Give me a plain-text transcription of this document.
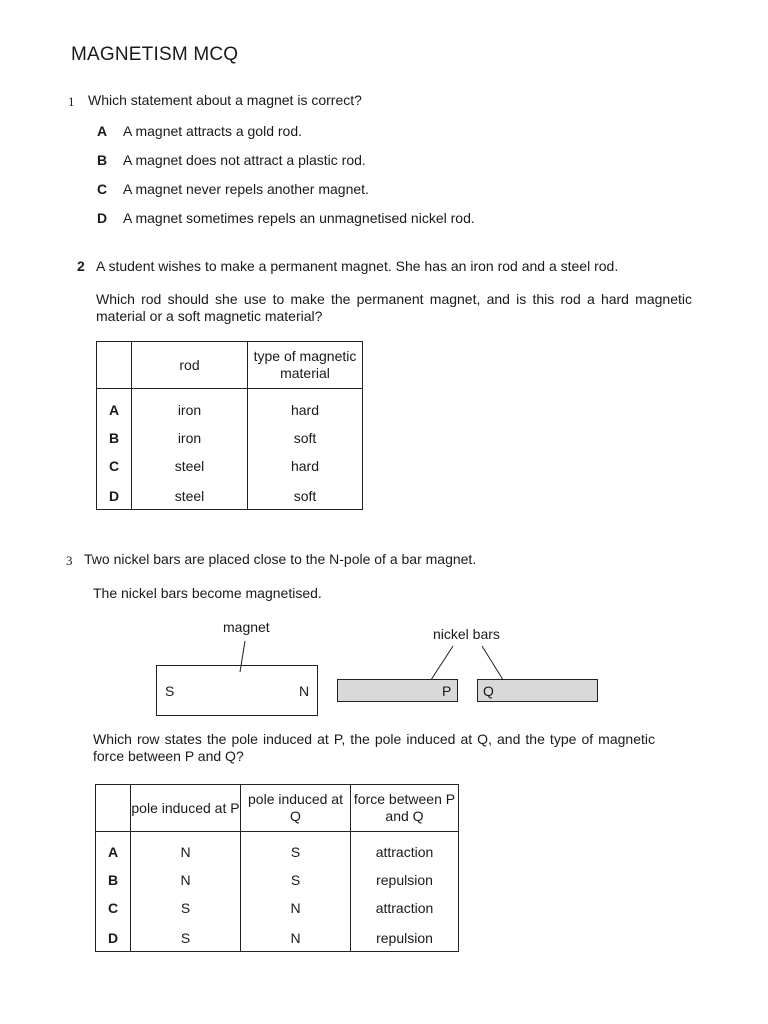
MAGNETISM MCQ
1 Which statement about a magnet is correct?
A A magnet attracts a gold rod.
B A magnet does not attract a plastic rod.
C A magnet never repels another magnet.
D A magnet sometimes repels an unmagnetised nickel rod.
2 A student wishes to make a permanent magnet. She has an iron rod and a steel rod.
Which rod should she use to make the permanent magnet, and is this rod a hard magnetic material or a soft magnetic material?
	rod	type of magnetic material
A	iron	hard
B	iron	soft
C	steel	hard
D	steel	soft
3 Two nickel bars are placed close to the N-pole of a bar magnet.
The nickel bars become magnetised.
magnet	nickel bars
S	N	P Q
Which row states the pole induced at P, the pole induced at Q, and the type of magnetic force between P and Q?
	pole induced at P	pole induced at Q	force between P and Q
A	N	S	attraction
B	N	S	repulsion
C	S	N	attraction
D	S	N	repulsion
